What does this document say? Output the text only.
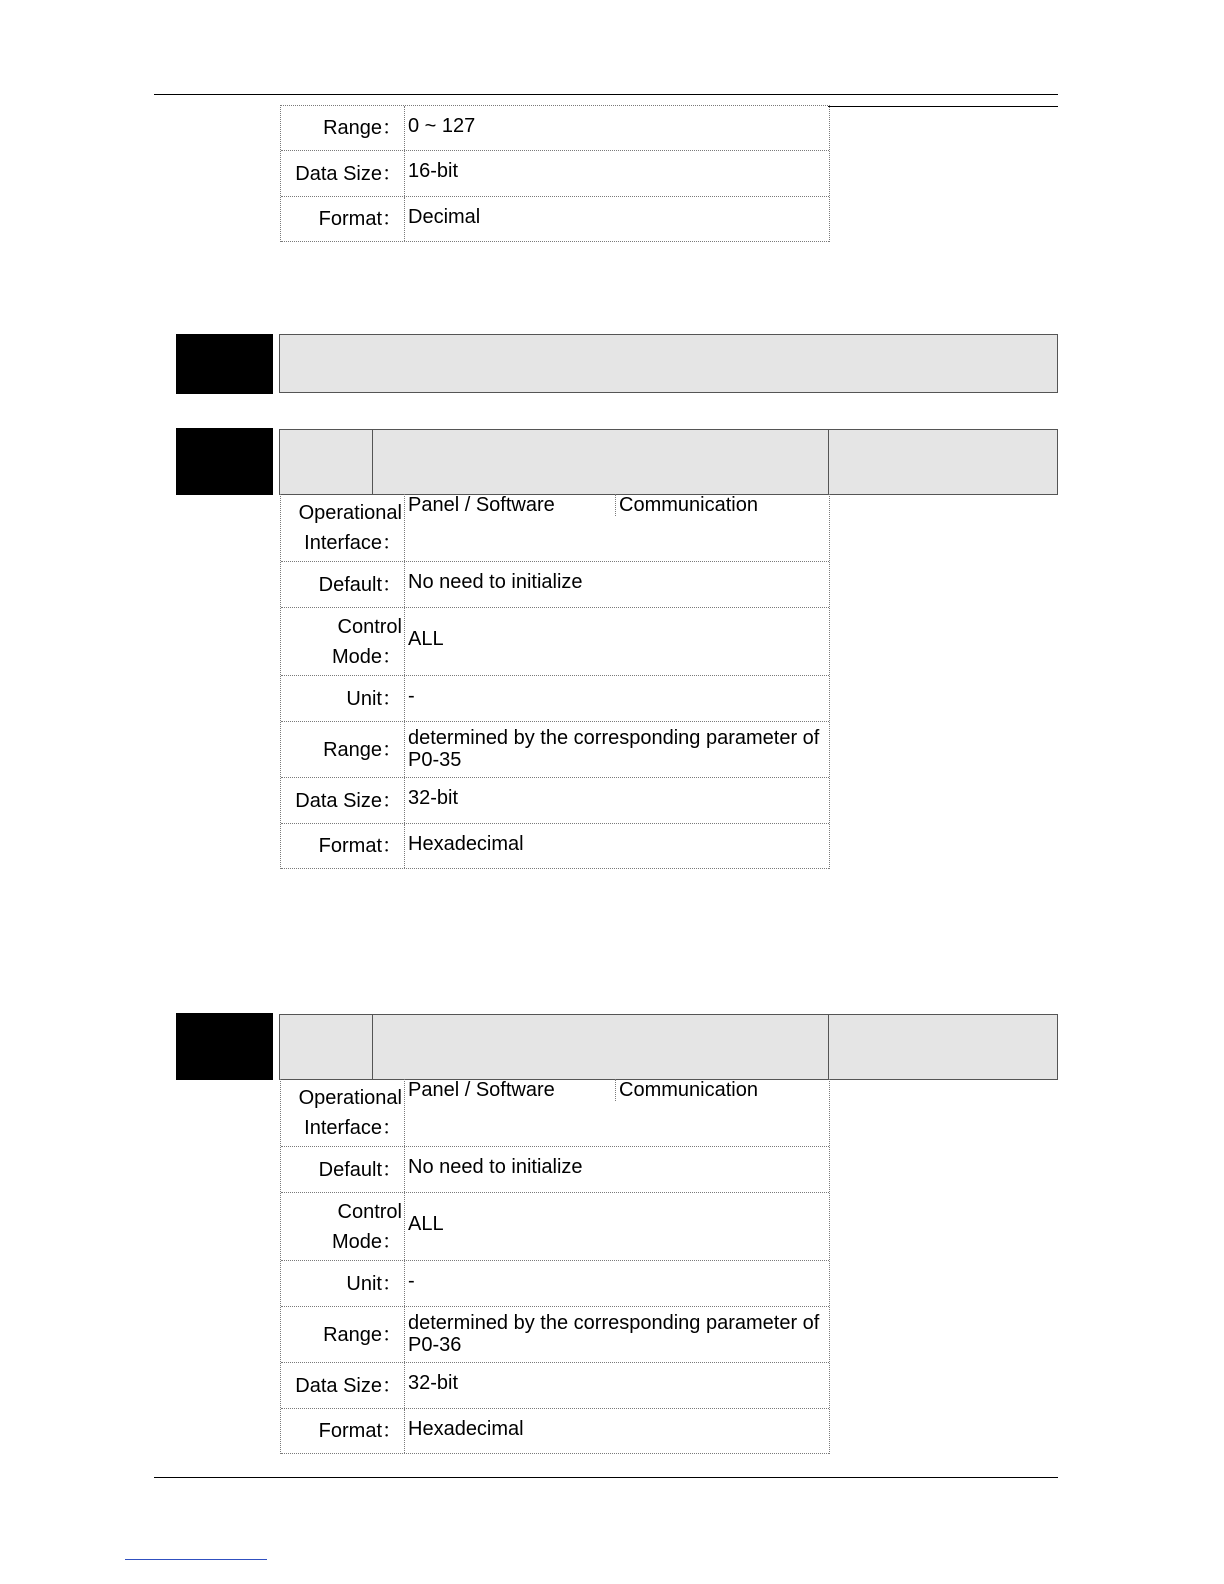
Range： 0 ~ 127
Data Size： 16-bit
Format： Decimal
Operational
Interface：
Panel / Software	Communication
Default： No need to initialize
Control
Mode：
ALL
Unit： -
Range：
determined by the corresponding parameter of P0-35
Data Size： 32-bit
Format： Hexadecimal
Operational
Interface：
Panel / Software	Communication
Default： No need to initialize
Control
Mode：
ALL
Unit： -
Range：
determined by the corresponding parameter of P0-36
Data Size： 32-bit
Format： Hexadecimal
